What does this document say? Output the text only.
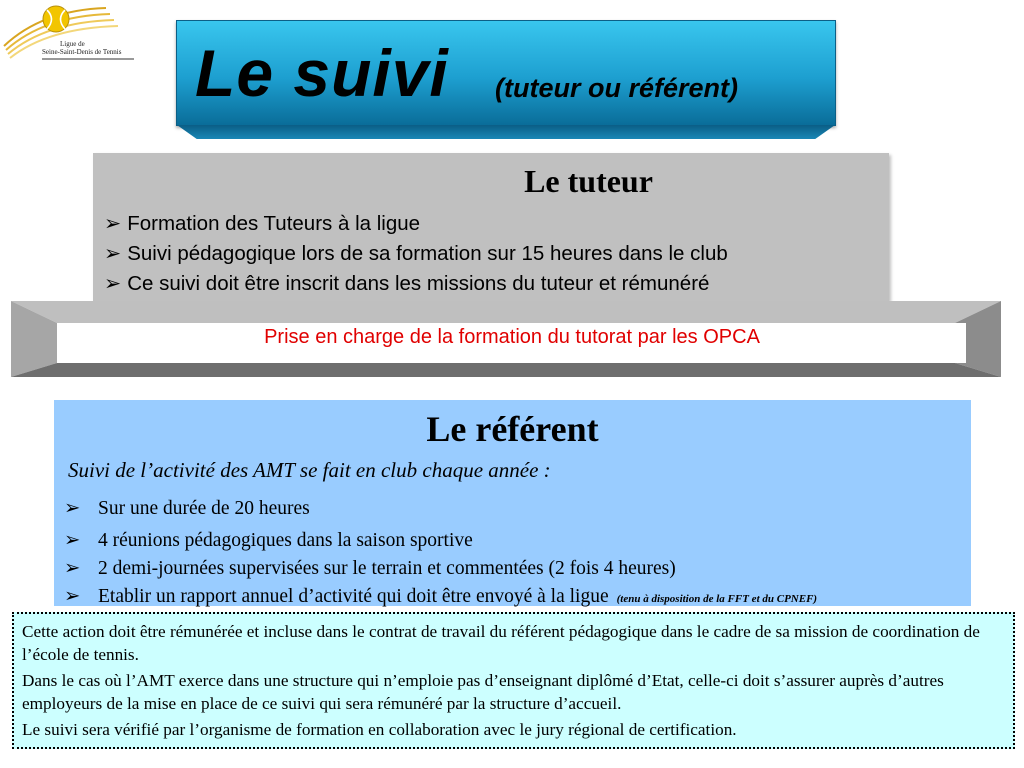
Ligue de
Seine-Saint-Denis de Tennis Le suivi (tuteur ou référent)
Le tuteur
➢ Formation des Tuteurs à la ligue
➢ Suivi pédagogique lors de sa formation sur 15 heures dans le club
➢ Ce suivi doit être inscrit dans les missions du tuteur et rémunéré
Prise en charge de la formation du tutorat par les OPCA
Le référent
Suivi de l’activité des AMT se fait en club chaque année :
➢ Sur une durée de 20 heures
➢ 4 réunions pédagogiques dans la saison sportive
➢ 2 demi-journées supervisées sur le terrain et commentées (2 fois 4 heures)
➢ Etablir un rapport annuel d’activité qui doit être envoyé à la ligue (tenu à disposition de la FFT et du CPNEF)

Cette action doit être rémunérée et incluse dans le contrat de travail du référent pédagogique dans le cadre de sa mission de coordination de l’école de tennis.

Dans le cas où l’AMT exerce dans une structure qui n’emploie pas d’enseignant diplômé d’Etat, celle-ci doit s’assurer auprès d’autres employeurs de la mise en place de ce suivi qui sera rémunéré par la structure d’accueil.

Le suivi sera vérifié par l’organisme de formation en collaboration avec le jury régional de certification.
